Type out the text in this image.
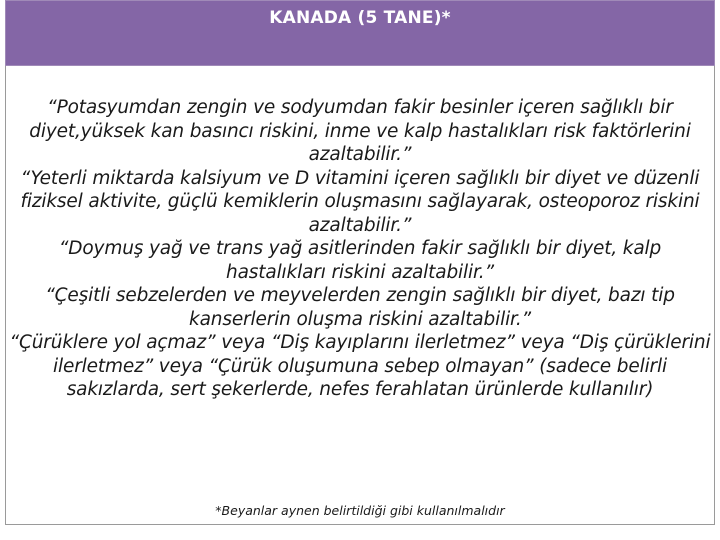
KANADA (5 TANE)*
“Potasyumdan zengin ve sodyumdan fakir besinler içeren sağlıklı bir diyet,yüksek kan basıncı riskini, inme ve kalp hastalıkları risk faktörlerini azaltabilir.”
“Yeterli miktarda kalsiyum ve D vitamini içeren sağlıklı bir diyet ve düzenli fiziksel aktivite, güçlü kemiklerin oluşmasını sağlayarak, osteoporoz riskini azaltabilir.”
“Doymuş yağ ve trans yağ asitlerinden fakir sağlıklı bir diyet, kalp hastalıkları riskini azaltabilir.”
“Çeşitli sebzelerden ve meyvelerden zengin sağlıklı bir diyet, bazı tip kanserlerin oluşma riskini azaltabilir.”
“Çürüklere yol açmaz” veya “Diş kayıplarını ilerletmez” veya “Diş çürüklerini ilerletmez” veya “Çürük oluşumuna sebep olmayan” (sadece belirli sakızlarda, sert şekerlerde, nefes ferahlatan ürünlerde kullanılır)
*Beyanlar aynen belirtildiği gibi kullanılmalıdır
